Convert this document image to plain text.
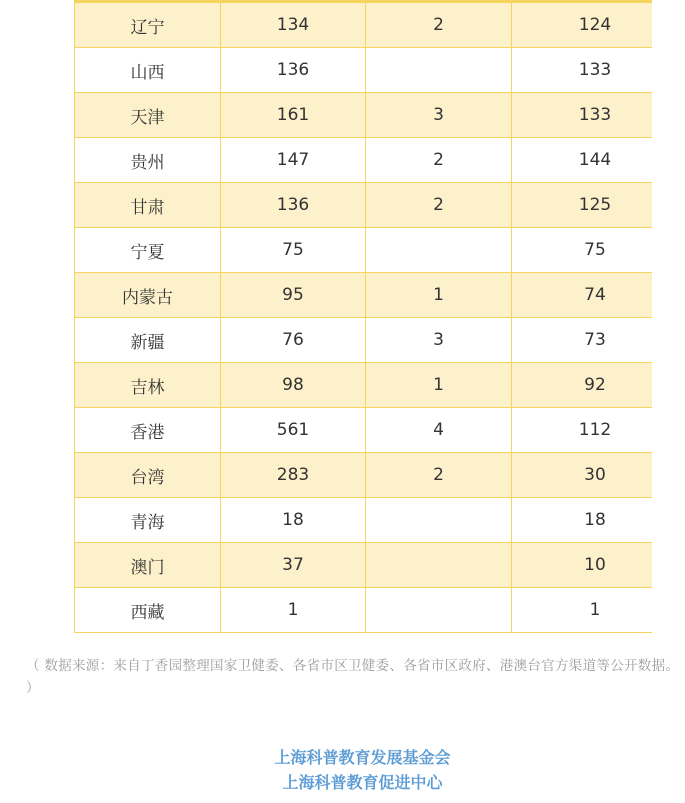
辽宁	134	2	124
山西	136		133
天津	161	3	133
贵州	147	2	144
甘肃	136	2	125
宁夏	75		75
内蒙古	95	1	74
新疆	76	3	73
吉林	98	1	92
香港	561	4	112
台湾	283	2	30
青海	18		18
澳门	37		10
西藏	1		1
（ 数据来源：来自丁香园整理国家卫健委、各省市区卫健委、各省市区政府、港澳台官方渠道等公开数据。 ）
上海科普教育发展基金会
上海科普教育促进中心
